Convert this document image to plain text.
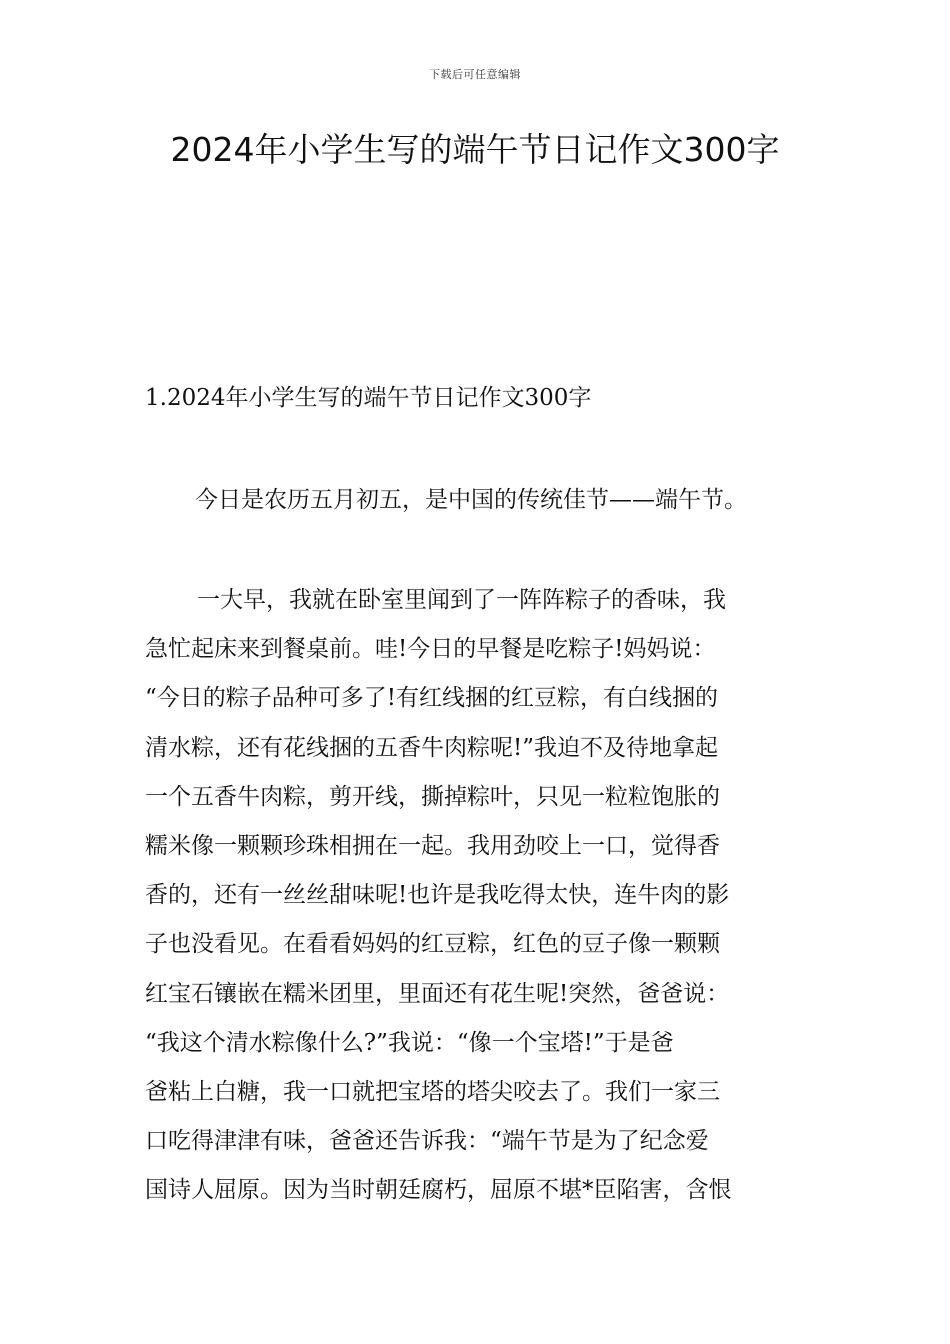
下载后可任意编辑
2024年小学生写的端午节日记作文300字
1.2024年小学生写的端午节日记作文300字
今日是农历五月初五，是中国的传统佳节——端午节。
一大早，我就在卧室里闻到了一阵阵粽子的香味，我
急忙起床来到餐桌前。哇!今日的早餐是吃粽子!妈妈说：
“今日的粽子品种可多了!有红线捆的红豆粽，有白线捆的
清水粽，还有花线捆的五香牛肉粽呢!”我迫不及待地拿起
一个五香牛肉粽，剪开线，撕掉粽叶，只见一粒粒饱胀的
糯米像一颗颗珍珠相拥在一起。我用劲咬上一口，觉得香
香的，还有一丝丝甜味呢!也许是我吃得太快，连牛肉的影
子也没看见。在看看妈妈的红豆粽，红色的豆子像一颗颗
红宝石镶嵌在糯米团里，里面还有花生呢!突然，爸爸说：
“我这个清水粽像什么?”我说：“像一个宝塔!”于是爸
爸粘上白糖，我一口就把宝塔的塔尖咬去了。我们一家三
口吃得津津有味，爸爸还告诉我：“端午节是为了纪念爱
国诗人屈原。因为当时朝廷腐朽，屈原不堪*臣陷害，含恨
